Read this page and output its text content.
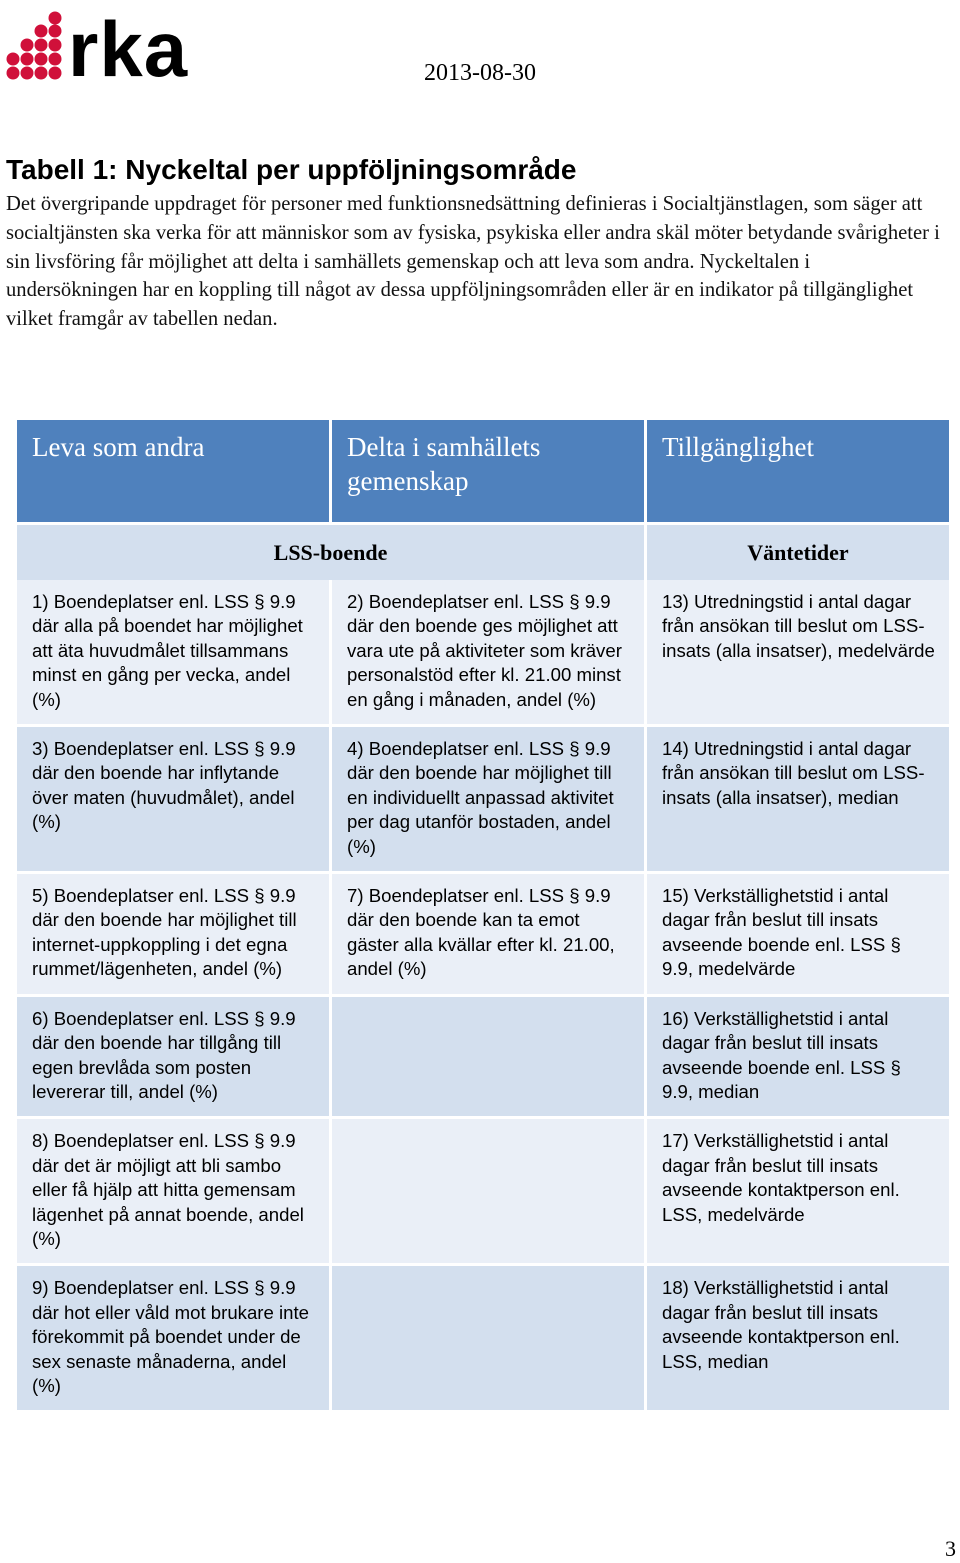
rka	2013-08-30
Tabell 1: Nyckeltal per uppföljningsområde

Det övergripande uppdraget för personer med funktionsnedsättning definieras i Socialtjänstlagen, som säger att socialtjänsten ska verka för att människor som av fysiska, psykiska eller andra skäl möter betydande svårigheter i sin livsföring får möjlighet att delta i samhällets gemenskap och att leva som andra. Nyckeltalen i undersökningen har en koppling till något av dessa uppföljningsområden eller är en indikator på tillgänglighet vilket framgår av tabellen nedan.

Leva som andra	Delta i samhällets gemenskap	Tillgänglighet
LSS-boende		Väntetider
1) Boendeplatser enl. LSS § 9.9 där alla på boendet har möjlighet att äta huvudmålet tillsammans minst en gång per vecka, andel (%)	2) Boendeplatser enl. LSS § 9.9 där den boende ges möjlighet att vara ute på aktiviteter som kräver personalstöd efter kl. 21.00 minst en gång i månaden, andel (%)	13) Utredningstid i antal dagar från ansökan till beslut om LSS-insats (alla insatser), medelvärde
3) Boendeplatser enl. LSS § 9.9 där den boende har inflytande över maten (huvudmålet), andel (%)	4) Boendeplatser enl. LSS § 9.9 där den boende har möjlighet till en individuellt anpassad aktivitet per dag utanför bostaden, andel (%)	14) Utredningstid i antal dagar från ansökan till beslut om LSS-insats (alla insatser), median
5) Boendeplatser enl. LSS § 9.9 där den boende har möjlighet till internet-uppkoppling i det egna rummet/lägenheten, andel (%)	7) Boendeplatser enl. LSS § 9.9 där den boende kan ta emot gäster alla kvällar efter kl. 21.00, andel (%)	15) Verkställighetstid i antal dagar från beslut till insats avseende boende enl. LSS § 9.9, medelvärde
6) Boendeplatser enl. LSS § 9.9 där den boende har tillgång till egen brevlåda som posten levererar till, andel (%)		16) Verkställighetstid i antal dagar från beslut till insats avseende boende enl. LSS § 9.9, median
8) Boendeplatser enl. LSS § 9.9 där det är möjligt att bli sambo eller få hjälp att hitta gemensam lägenhet på annat boende, andel (%)		17) Verkställighetstid i antal dagar från beslut till insats avseende kontaktperson enl. LSS, medelvärde
9) Boendeplatser enl. LSS § 9.9 där hot eller våld mot brukare inte förekommit på boendet under de sex senaste månaderna, andel (%)		18) Verkställighetstid i antal dagar från beslut till insats avseende kontaktperson enl. LSS, median
3
